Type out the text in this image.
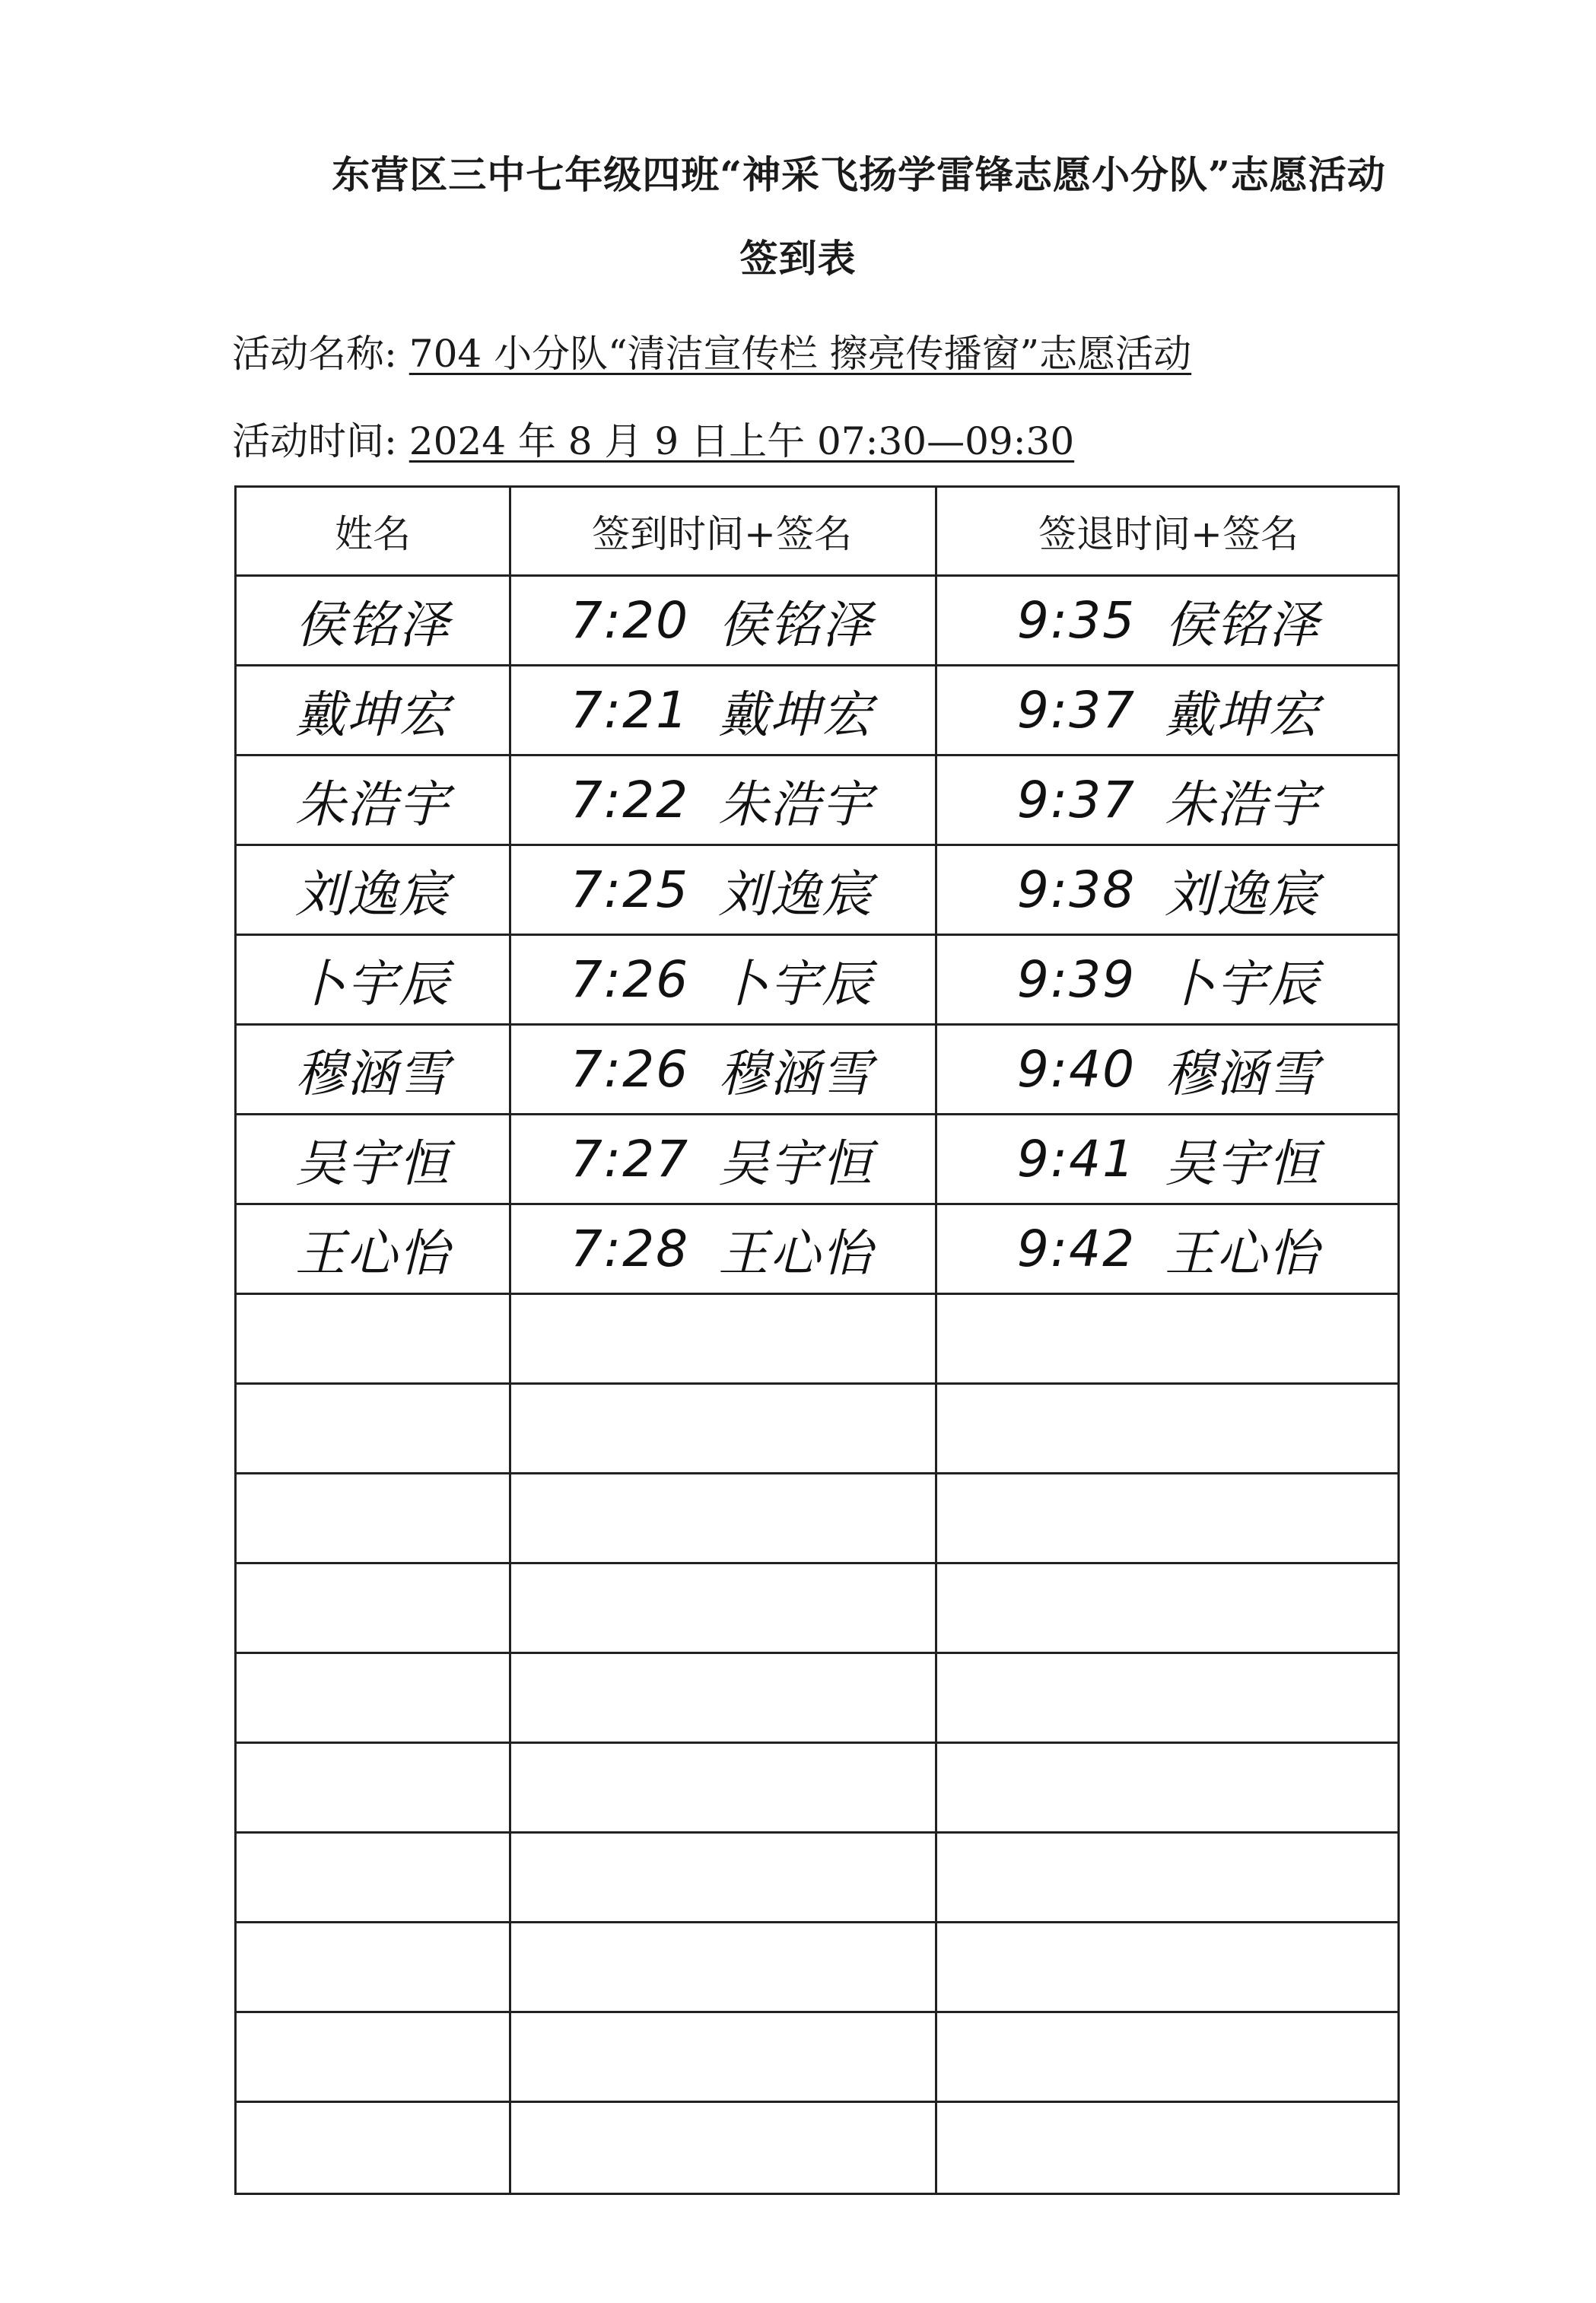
东营区三中七年级四班“神采飞扬学雷锋志愿小分队”志愿活动
签到表
活动名称: 704 小分队“清洁宣传栏 擦亮传播窗”志愿活动
活动时间: 2024 年 8 月 9 日上午 07:30—09:30
姓名	签到时间+签名	签退时间+签名
侯铭泽	7:20 侯铭泽	9:35 侯铭泽
戴坤宏	7:21 戴坤宏	9:37 戴坤宏
朱浩宇	7:22 朱浩宇	9:37 朱浩宇
刘逸宸	7:25 刘逸宸	9:38 刘逸宸
卜宇辰	7:26 卜宇辰	9:39 卜宇辰
穆涵雪	7:26 穆涵雪	9:40 穆涵雪
吴宇恒	7:27 吴宇恒	9:41 吴宇恒
王心怡	7:28 王心怡	9:42 王心怡
